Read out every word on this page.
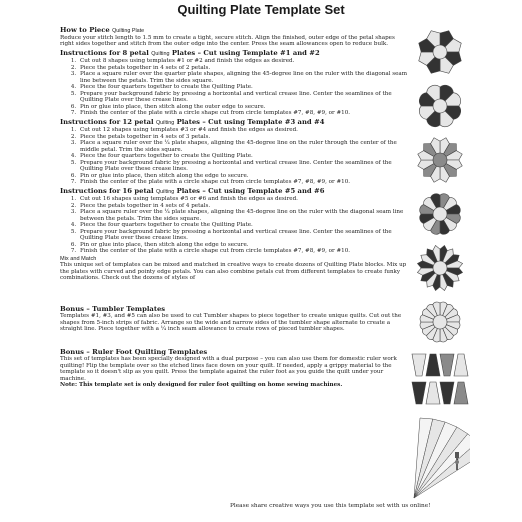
Quilting Plate Template Set
How to Piece Quilting Plate

Reduce your stitch length to 1.5 mm to create a tight, secure stitch. Align the finished, outer edge of the petal shapes right sides together and stitch from the outer edge into the center. Press the seam allowances open to reduce bulk.

Instructions for 8 petal Quilting Plates – Cut using Template #1 and #2
1. Cut out 8 shapes using templates #1 or #2 and finish the edges as desired.
2. Piece the petals together in 4 sets of 2 petals.
3. Place a square ruler over the quarter plate shapes, aligning the 45-degree line on the ruler with the diagonal seam line between the petals. Trim the sides square.
4. Piece the four quarters together to create the Quilting Plate.
5. Prepare your background fabric by pressing a horizontal and vertical crease line. Center the seamlines of the Quilting Plate over these crease lines.
6. Pin or glue into place, then stitch along the outer edge to secure.
7. Finish the center of the plate with a circle shape cut from circle templates #7, #8, #9, or #10.
Instructions for 12 petal Quilting Plates – Cut using Template #3 and #4
1. Cut out 12 shapes using templates #3 or #4 and finish the edges as desired.
2. Piece the petals together in 4 sets of 3 petals.
3. Place a square ruler over the ¼ plate shapes, aligning the 45-degree line on the ruler through the center of the middle petal. Trim the sides square.
4. Piece the four quarters together to create the Quilting Plate.
5. Prepare your background fabric by pressing a horizontal and vertical crease line. Center the seamlines of the Quilting Plate over these crease lines.
6. Pin or glue into place, then stitch along the edge to secure.
7. Finish the center of the plate with a circle shape cut from circle templates #7, #8, #9, or #10.
Instructions for 16 petal Quilting Plates – Cut using Template #5 and #6
1. Cut out 16 shapes using templates #5 or #6 and finish the edges as desired.
2. Piece the petals together in 4 sets of 4 petals.
3. Place a square ruler over the ¼ plate shapes, aligning the 45-degree line on the ruler with the diagonal seam line between the petals. Trim the sides square.
4. Piece the four quarters together to create the Quilting Plate.
5. Prepare your background fabric by pressing a horizontal and vertical crease line. Center the seamlines of the Quilting Plate over these crease lines.
6. Pin or glue into place, then stitch along the edge to secure.
7. Finish the center of the plate with a circle shape cut from circle templates #7, #8, #9, or #10.
Mix and Match

This unique set of templates can be mixed and matched in creative ways to create dozens of Quilting Plate blocks. Mix up the plates with curved and pointy edge petals. You can also combine petals cut from different templates to create funky combinations. Check out the dozens of styles of

Bonus – Tumbler Templates

Templates #1, #3, and #5 can also be used to cut Tumbler shapes to piece together to create unique quilts. Cut out the shapes from 5-inch strips of fabric. Arrange so the wide and narrow sides of the tumbler shape alternate to create a straight line. Piece together with a ¼ inch seam allowance to create rows of pieced tumbler shapes.

Bonus – Ruler Foot Quilting Templates

This set of templates has been specially designed with a dual purpose – you can also use them for domestic ruler work quilting! Flip the template over so the etched lines face down on your quilt. If needed, apply a grippy material to the template so it doesn't slip as you quilt. Press the template against the ruler foot as you guide the quilt under your machine.

Note: This template set is only designed for ruler foot quilting on home sewing machines.

Please share creative ways you use this template set with us online!
